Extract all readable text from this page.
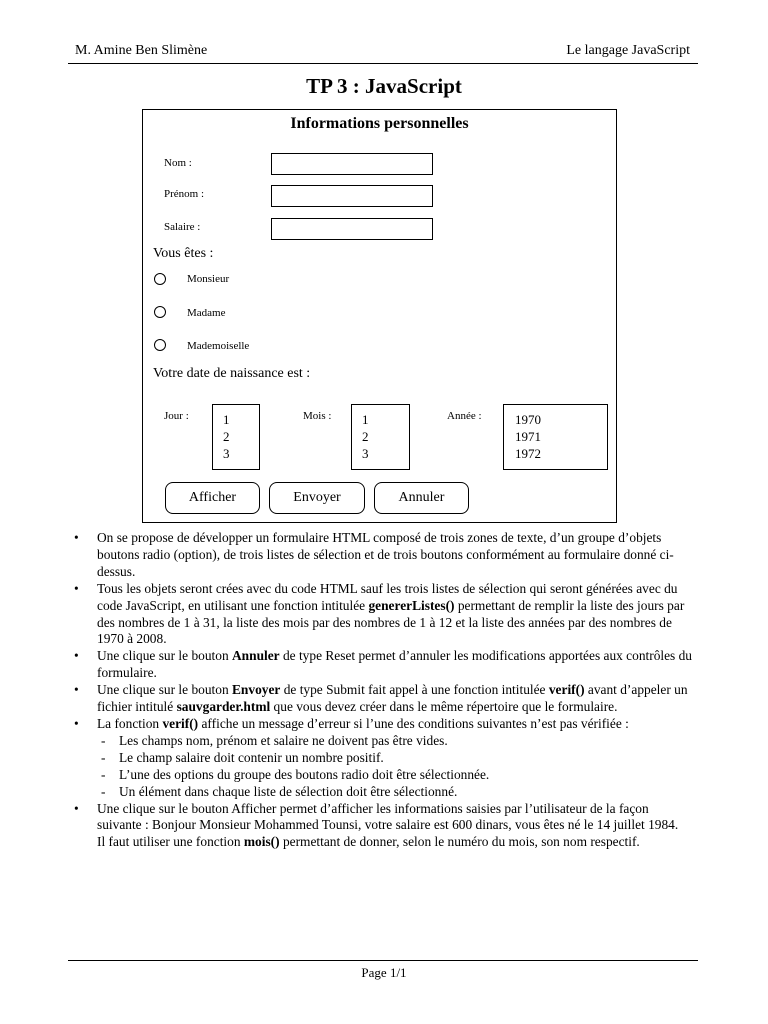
M. Amine Ben Slimène	Le langage JavaScript
TP 3 : JavaScript
Informations personnelles
Nom :
Prénom :
Salaire :
Vous êtes :
Monsieur
Madame
Mademoiselle
Votre date de naissance est :
Jour :	1
2
3
Mois : 1
2
3
Année :	1970
1971
1972
Afficher	Envoyer	Annuler
• On se propose de développer un formulaire HTML composé de trois zones de texte, d’un groupe d’objets boutons radio (option), de trois listes de sélection et de trois boutons conformément au formulaire donné ci-dessus.
• Tous les objets seront crées avec du code HTML sauf les trois listes de sélection qui seront générées avec du code JavaScript, en utilisant une fonction intitulée genererListes() permettant de remplir la liste des jours par des nombres de 1 à 31, la liste des mois par des nombres de 1 à 12 et la liste des années par des nombres de 1970 à 2008.
• Une clique sur le bouton Annuler de type Reset permet d’annuler les modifications apportées aux contrôles du formulaire.
• Une clique sur le bouton Envoyer de type Submit fait appel à une fonction intitulée verif() avant d’appeler un fichier intitulé sauvgarder.html que vous devez créer dans le même répertoire que le formulaire.
• La fonction verif() affiche un message d’erreur si l’une des conditions suivantes n’est pas vérifiée :
- Les champs nom, prénom et salaire ne doivent pas être vides.
- Le champ salaire doit contenir un nombre positif.
- L’une des options du groupe des boutons radio doit être sélectionnée.
- Un élément dans chaque liste de sélection doit être sélectionné.
• Une clique sur le bouton Afficher permet d’afficher les informations saisies par l’utilisateur de la façon suivante : Bonjour Monsieur Mohammed Tounsi, votre salaire est 600 dinars, vous êtes né le 14 juillet 1984.
Il faut utiliser une fonction mois() permettant de donner, selon le numéro du mois, son nom respectif.
Page 1/1
